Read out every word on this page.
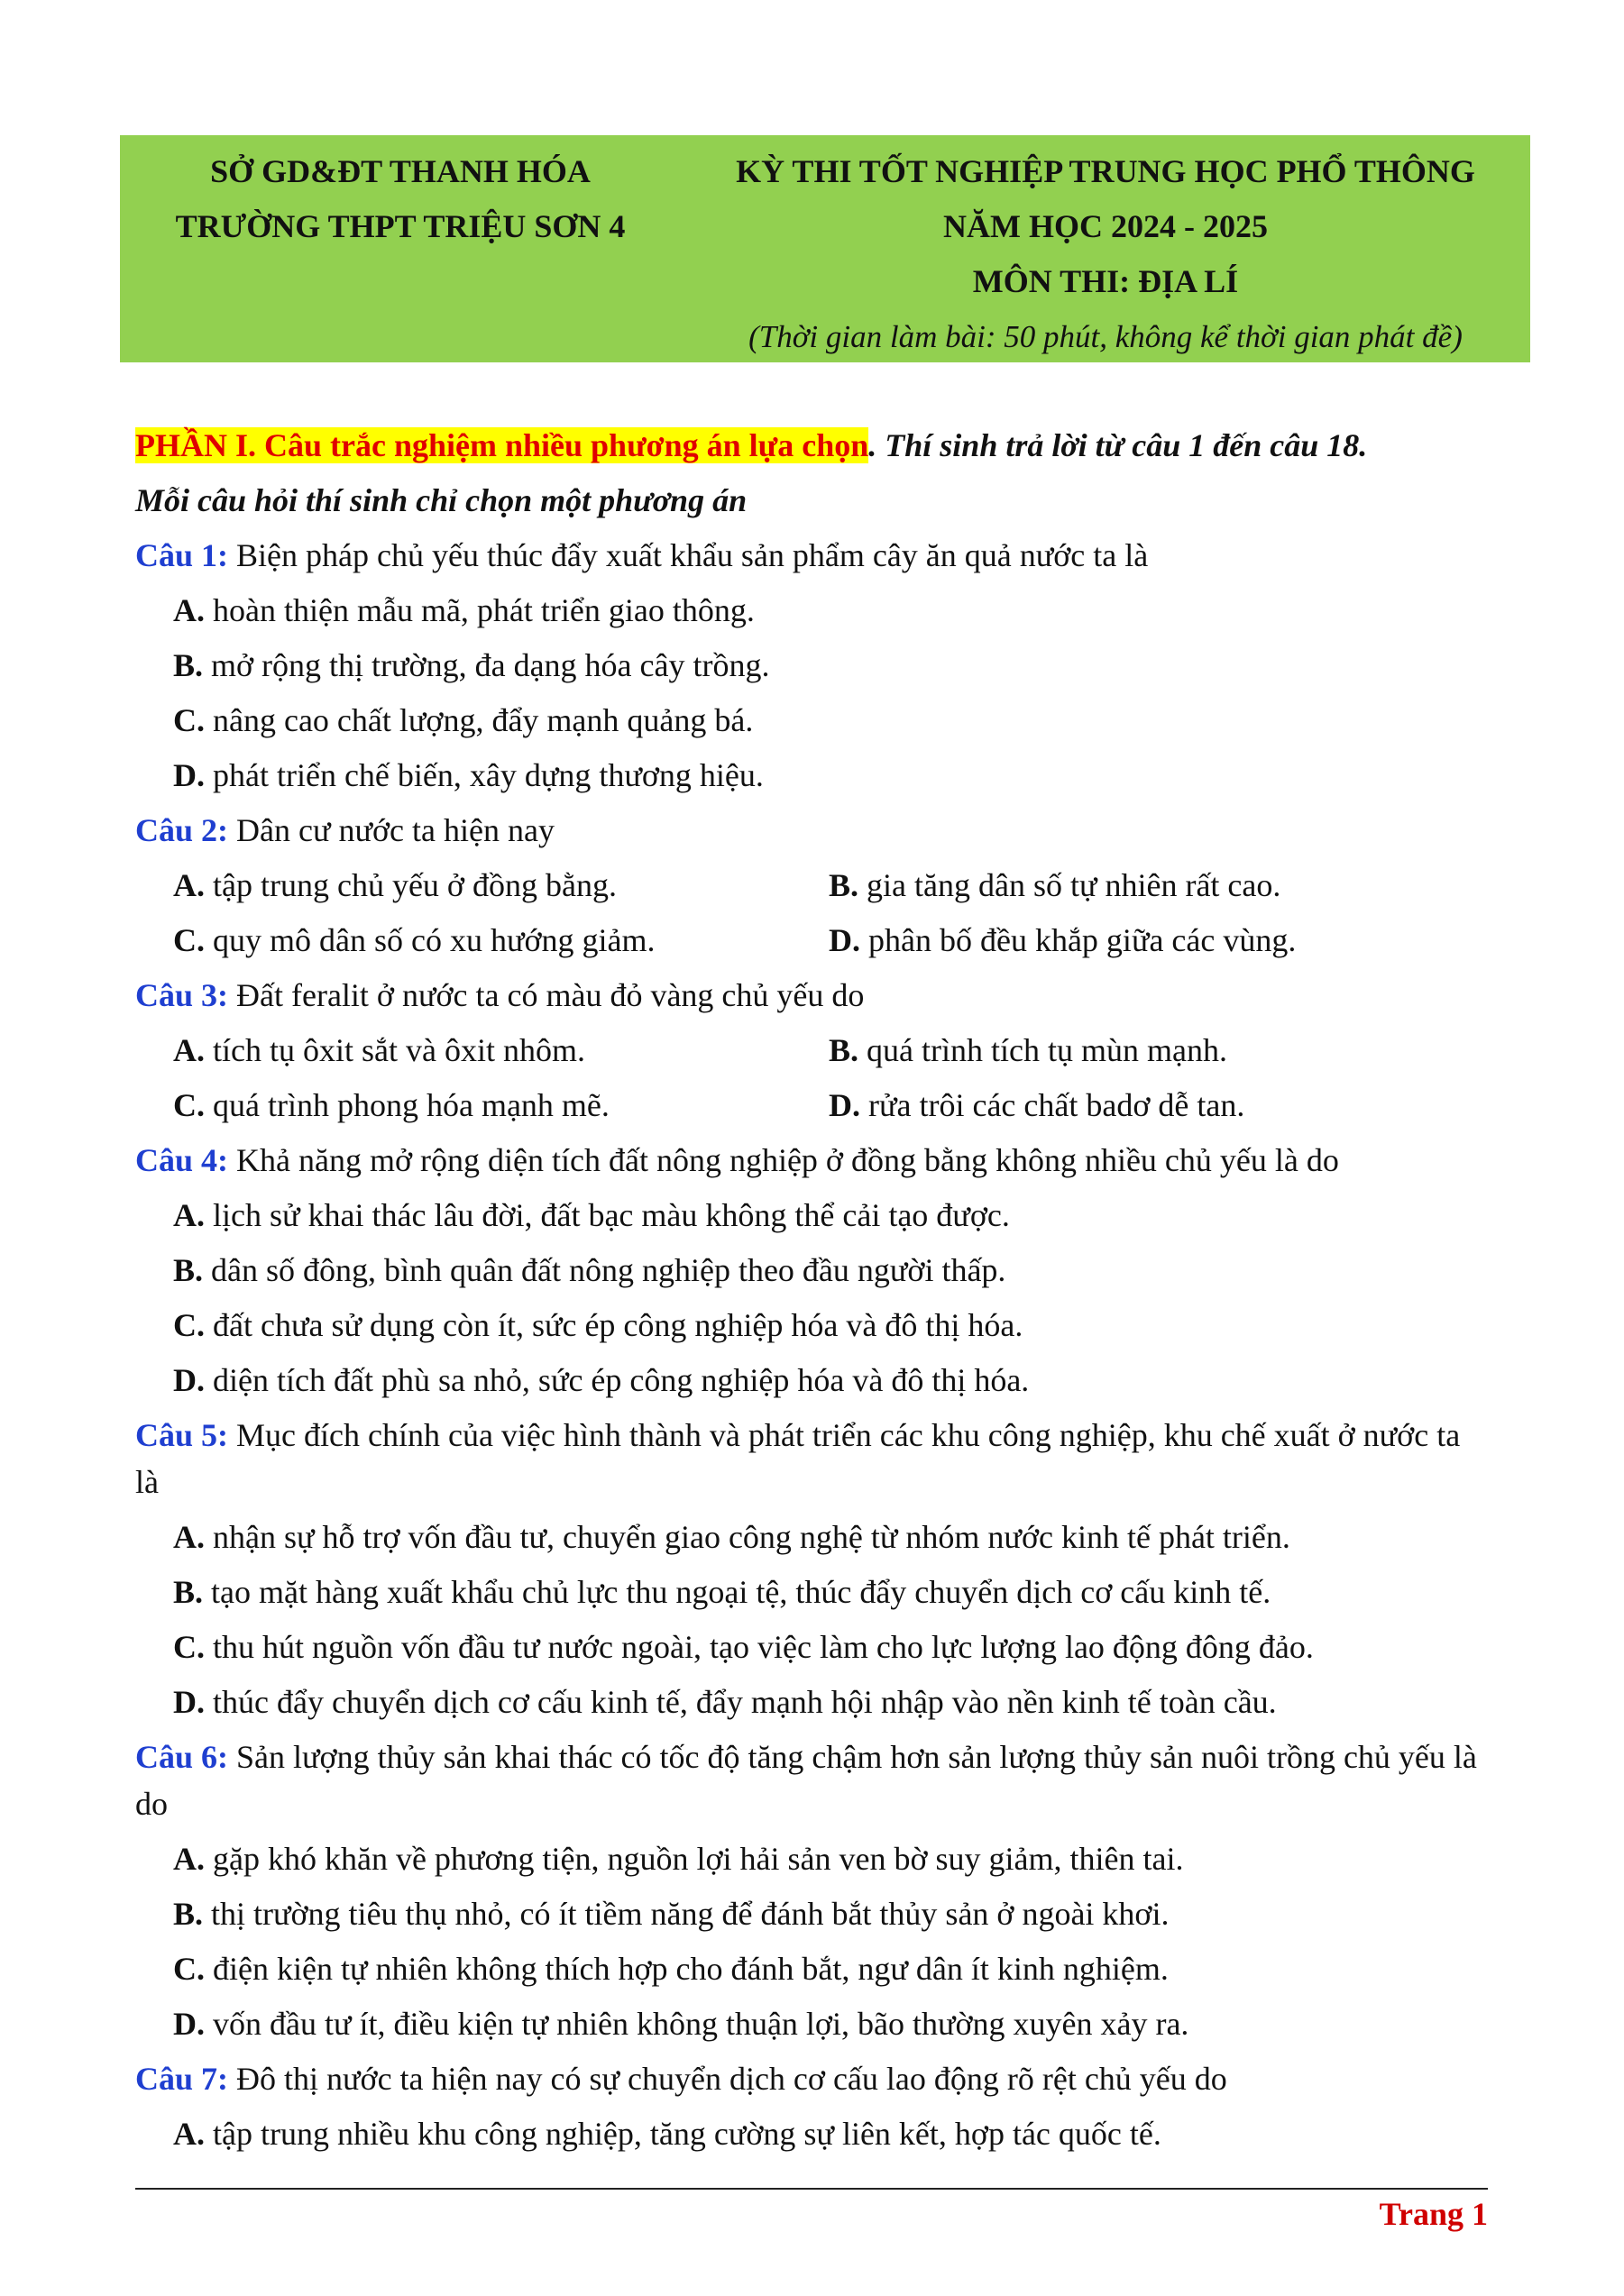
SỞ GD&ĐT THANH HÓA
TRƯỜNG THPT TRIỆU SƠN 4
KỲ THI TỐT NGHIỆP TRUNG HỌC PHỔ THÔNG
NĂM HỌC 2024 - 2025
MÔN THI: ĐỊA LÍ
(Thời gian làm bài: 50 phút, không kể thời gian phát đề)
PHẦN I. Câu trắc nghiệm nhiều phương án lựa chọn. Thí sinh trả lời từ câu 1 đến câu 18.
Mỗi câu hỏi thí sinh chỉ chọn một phương án
Câu 1: Biện pháp chủ yếu thúc đẩy xuất khẩu sản phẩm cây ăn quả nước ta là
A. hoàn thiện mẫu mã, phát triển giao thông.
B. mở rộng thị trường, đa dạng hóa cây trồng.
C. nâng cao chất lượng, đẩy mạnh quảng bá.
D. phát triển chế biến, xây dựng thương hiệu.
Câu 2: Dân cư nước ta hiện nay
A. tập trung chủ yếu ở đồng bằng.	B. gia tăng dân số tự nhiên rất cao.
C. quy mô dân số có xu hướng giảm.	D. phân bố đều khắp giữa các vùng.
Câu 3: Đất feralit ở nước ta có màu đỏ vàng chủ yếu do
A. tích tụ ôxit sắt và ôxit nhôm.	B. quá trình tích tụ mùn mạnh.
C. quá trình phong hóa mạnh mẽ.	D. rửa trôi các chất badơ dễ tan.
Câu 4: Khả năng mở rộng diện tích đất nông nghiệp ở đồng bằng không nhiều chủ yếu là do
A. lịch sử khai thác lâu đời, đất bạc màu không thể cải tạo được.
B. dân số đông, bình quân đất nông nghiệp theo đầu người thấp.
C. đất chưa sử dụng còn ít, sức ép công nghiệp hóa và đô thị hóa.
D. diện tích đất phù sa nhỏ, sức ép công nghiệp hóa và đô thị hóa.
Câu 5: Mục đích chính của việc hình thành và phát triển các khu công nghiệp, khu chế xuất ở nước ta là
A. nhận sự hỗ trợ vốn đầu tư, chuyển giao công nghệ từ nhóm nước kinh tế phát triển.
B. tạo mặt hàng xuất khẩu chủ lực thu ngoại tệ, thúc đẩy chuyển dịch cơ cấu kinh tế.
C. thu hút nguồn vốn đầu tư nước ngoài, tạo việc làm cho lực lượng lao động đông đảo.
D. thúc đẩy chuyển dịch cơ cấu kinh tế, đẩy mạnh hội nhập vào nền kinh tế toàn cầu.
Câu 6: Sản lượng thủy sản khai thác có tốc độ tăng chậm hơn sản lượng thủy sản nuôi trồng chủ yếu là do
A. gặp khó khăn về phương tiện, nguồn lợi hải sản ven bờ suy giảm, thiên tai.
B. thị trường tiêu thụ nhỏ, có ít tiềm năng để đánh bắt thủy sản ở ngoài khơi.
C. điện kiện tự nhiên không thích hợp cho đánh bắt, ngư dân ít kinh nghiệm.
D. vốn đầu tư ít, điều kiện tự nhiên không thuận lợi, bão thường xuyên xảy ra.
Câu 7: Đô thị nước ta hiện nay có sự chuyển dịch cơ cấu lao động rõ rệt chủ yếu do
A. tập trung nhiều khu công nghiệp, tăng cường sự liên kết, hợp tác quốc tế.
Trang 1
